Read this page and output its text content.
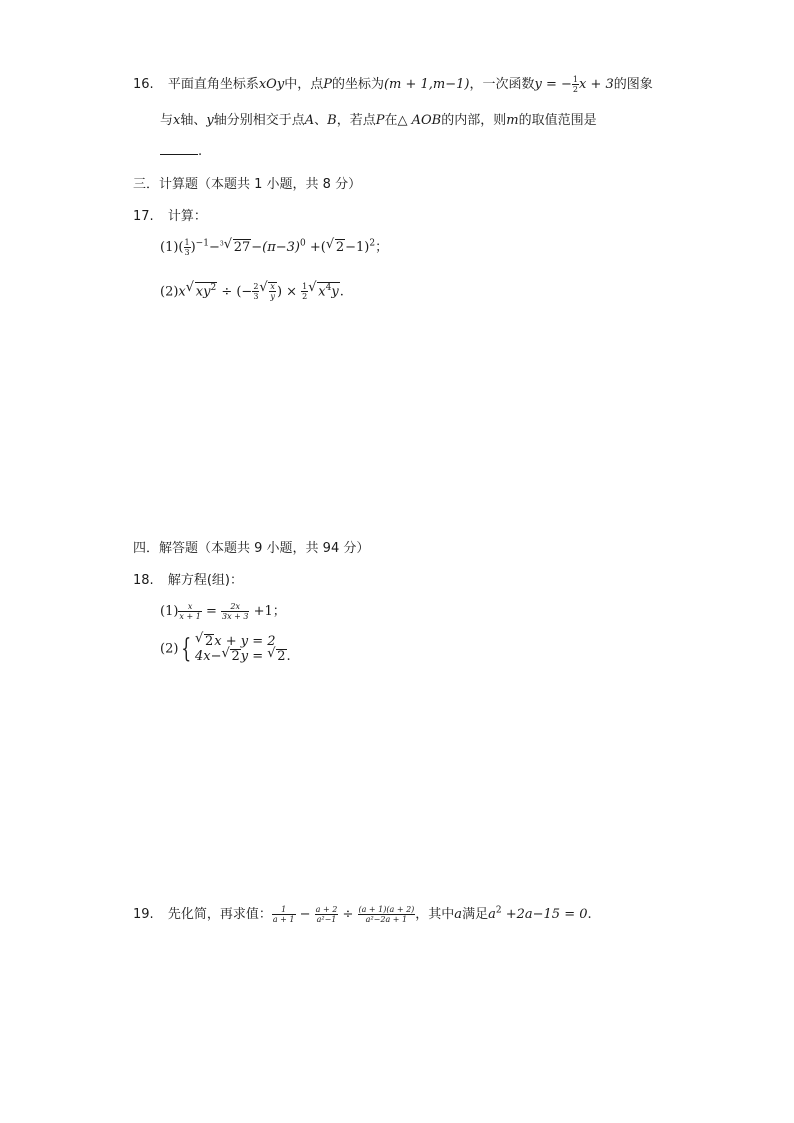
16. 平面直角坐标系xOy中，点P的坐标为(m + 1,m−1)，一次函数y = − $\frac{1}{2}$ x + 3的图象
与x轴、y轴分别相交于点A、B，若点P在△ AOB的内部，则m的取值范围是
.
三．计算题（本题共 1 小题，共 8 分）
17. 计算：
$(1)( \frac{1}{3} )^{-1}-^3√$ $27-(\pi-3)^0$ +(√ 2−1)$^2$；
(2)x√ $xy^2$ ÷ (− $\frac{2}{3}$
√ $\frac{x}{y}$ ) × $\frac{1}{2}$
√ $x^4y$.
四．解答题（本题共 9 小题，共 94 分）
18. 解方程(组)：
$(1) \frac{x}{x + 1} = \frac{2x}{3x + 3} +1$；
(2) {
√	2x + y = 2
4x−√ 2y = √ 2.
19. 先化简，再求值： $\frac{1}{a + 1} - \frac{a + 2}{\text{a²−1}} \div \frac{(a + 1)(a + 2)}{\text{a²−2a + 1}}$ ，其中a满足$a^2 +2a-15 = 0$.
